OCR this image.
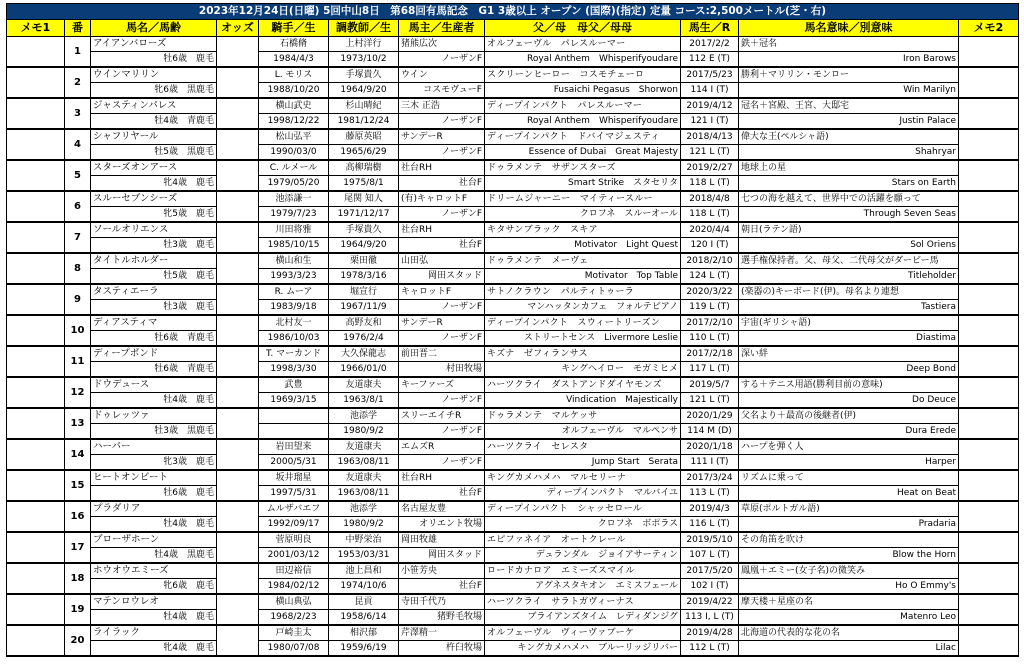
2023年12月24日(日曜) 5回中山8日　第68回有馬記念　G1 3歳以上 オープン (国際)(指定) 定量 コース:2,500メートル(芝・右)										
メモ1	番	馬名／馬齢	オッズ	騎手／生	調教師／生	馬主／生産者	父／母　母父／母母	馬生／R	馬名意味／別意味	メモ2
	1	アイアンバローズ		石橋脩	上村洋行	猪熊広次	オルフェーヴル　パレスルーマー	2017/2/2	鉄＋冠名	
		牡6歳　鹿毛		1984/4/3	1973/10/2	ノーザンF	Royal Anthem　Whisperifyoudare	112 E (T)	Iron Barows	
	2	ウインマリリン		L. モリス	手塚貴久	ウイン	スクリーンヒーロー　コスモチェーロ	2017/5/23	勝利＋マリリン・モンロー	
		牝6歳　黒鹿毛		1988/10/20	1964/9/20	コスモヴューF	Fusaichi Pegasus　Shorwon	114 I (T)	Win Marilyn	
	3	ジャスティンパレス		横山武史	杉山晴紀	三木 正浩	ディープインパクト　パレスルーマー	2019/4/12	冠名＋宮殿、王宮、大邸宅	
		牡4歳　青鹿毛		1998/12/22	1981/12/24	ノーザンF	Royal Anthem　Whisperifyoudare	121 I (T)	Justin Palace	
	4	シャフリヤール		松山弘平	藤原英昭	サンデーR	ディープインパクト　ドバイマジェスティ	2018/4/13	偉大な王(ペルシャ語)	
		牡5歳　黒鹿毛		1990/03/0	1965/6/29	ノーザンF	Essence of Dubai　Great Majesty	121 L (T)	Shahryar	
	5	スターズオンアース		C. ルメール	高柳瑞樹	社台RH	ドゥラメンテ　サザンスターズ	2019/2/27	地球上の星	
		牝4歳　鹿毛		1979/05/20	1975/8/1	社台F	Smart Strike　スタセリタ	118 L (T)	Stars on Earth	
	6	スルーセブンシーズ		池添謙一	尾関 知人	(有)キャロットF	ドリームジャーニー　マイティースルー	2018/4/8	七つの海を越えて、世界中での活躍を願って	
		牝5歳　鹿毛		1979/7/23	1971/12/17	ノーザンF	クロフネ　スルーオール	118 L (T)	Through Seven Seas	
	7	ソールオリエンス		川田将雅	手塚貴久	社台RH	キタサンブラック　スキア	2020/4/4	朝日(ラテン語)	
		牡3歳　鹿毛		1985/10/15	1964/9/20	社台F	Motivator　Light Quest	120 I (T)	Sol Oriens	
	8	タイトルホルダー		横山和生	栗田徹	山田弘	ドゥラメンテ　メーヴェ	2018/2/10	選手権保持者。父、母父、二代母父がダービー馬	
		牡5歳　鹿毛		1993/3/23	1978/3/16	岡田スタッド	Motivator　Top Table	124 L (T)	Titleholder	
	9	タスティエーラ		R. ムーア	堀宣行	キャロットF	サトノクラウン　パルティトゥーラ	2020/3/22	(楽器の)キーボード(伊)。母名より連想	
		牡3歳　鹿毛		1983/9/18	1967/11/9	ノーザンF	マンハッタンカフェ　フォルテピアノ	119 L (T)	Tastiera	
	10	ディアスティマ		北村友一	高野友和	サンデーR	ディープインパクト　スウィートリーズン	2017/2/10	宇宙(ギリシャ語)	
		牡6歳　青鹿毛		1986/10/03	1976/2/4	ノーザンF	ストリートセンス　Livermore Leslie	110 L (T)	Diastima	
	11	ディープボンド		T. マーカンド	大久保龍志	前田晋二	キズナ　ゼフィランサス	2017/2/18	深い絆	
		牡6歳　青鹿毛		1998/3/30	1966/01/0	村田牧場	キングヘイロー　モガミヒメ	117 L (T)	Deep Bond	
	12	ドウデュース		武豊	友道康夫	キーファーズ	ハーツクライ　ダストアンドダイヤモンズ	2019/5/7	する＋テニス用語(勝利目前の意味)	
		牡4歳　鹿毛		1969/3/15	1963/8/1	ノーザンF	Vindication　Majestically	121 L (T)	Do Deuce	
	13	ドゥレッツァ			池添学	スリーエイチR	ドゥラメンテ　マルケッサ	2020/1/29	父名より＋最高の後継者(伊)	
		牡3歳　黒鹿毛			1980/9/2	ノーザンF	オルフェーヴル　マルペンサ	114 M (D)	Dura Erede	
	14	ハーパー		岩田望来	友道康夫	エムズR	ハーツクライ　セレスタ	2020/1/18	ハープを弾く人	
		牝3歳　鹿毛		2000/5/31	1963/08/11	ノーザンF	Jump Start　Serata	111 I (T)	Harper	
	15	ヒートオンビート		坂井瑠星	友道康夫	社台RH	キングカメハメハ　マルセリーナ	2017/3/24	リズムに乗って	
		牡6歳　鹿毛		1997/5/31	1963/08/11	社台F	ディープインパクト　マルバイユ	113 L (T)	Heat on Beat	
	16	プラダリア		ムルザバエフ	池添学	名古屋友豊	ディープインパクト　シャッセロール	2019/4/3	草原(ポルトガル語)	
		牡4歳　鹿毛		1992/09/17	1980/9/2	オリエント牧場	クロフネ　ボポラス	116 L (T)	Pradaria	
	17	ブローザホーン		菅原明良	中野栄治	岡田牧雄	エピファネイア　オートクレール	2019/5/10	その角笛を吹け	
		牡4歳　黒鹿毛		2001/03/12	1953/03/31	岡田スタッド	デュランダル　ジョイアサーティン	107 L (T)	Blow the Horn	
	18	ホウオウエミーズ		田辺裕信	池上昌和	小笹芳央	ロードカナロア　エミーズスマイル	2017/5/20	鳳凰＋エミー(女子名)の微笑み	
		牝6歳　鹿毛		1984/02/12	1974/10/6	社台F	アグネスタキオン　エミスフェール	102 I (T)	Ho O Emmy's	
	19	マテンロウレオ		横山典弘	昆貢	寺田千代乃	ハーツクライ　サラトガヴィーナス	2019/4/22	摩天楼＋星座の名	
		牡4歳　鹿毛		1968/2/23	1958/6/14	猪野毛牧場	ブライアンズタイム　レディダンジグ	113 I, L (T)	Matenro Leo	
	20	ライラック		戸崎圭太	相沢郁	芹澤精一	オルフェーヴル　ヴィーヴァブーケ	2019/4/28	北海道の代表的な花の名	
		牝4歳　鹿毛		1980/07/08	1959/6/19	杵臼牧場	キングカメハメハ　ブルーリッジリバー	112 L (T)	Lilac	
